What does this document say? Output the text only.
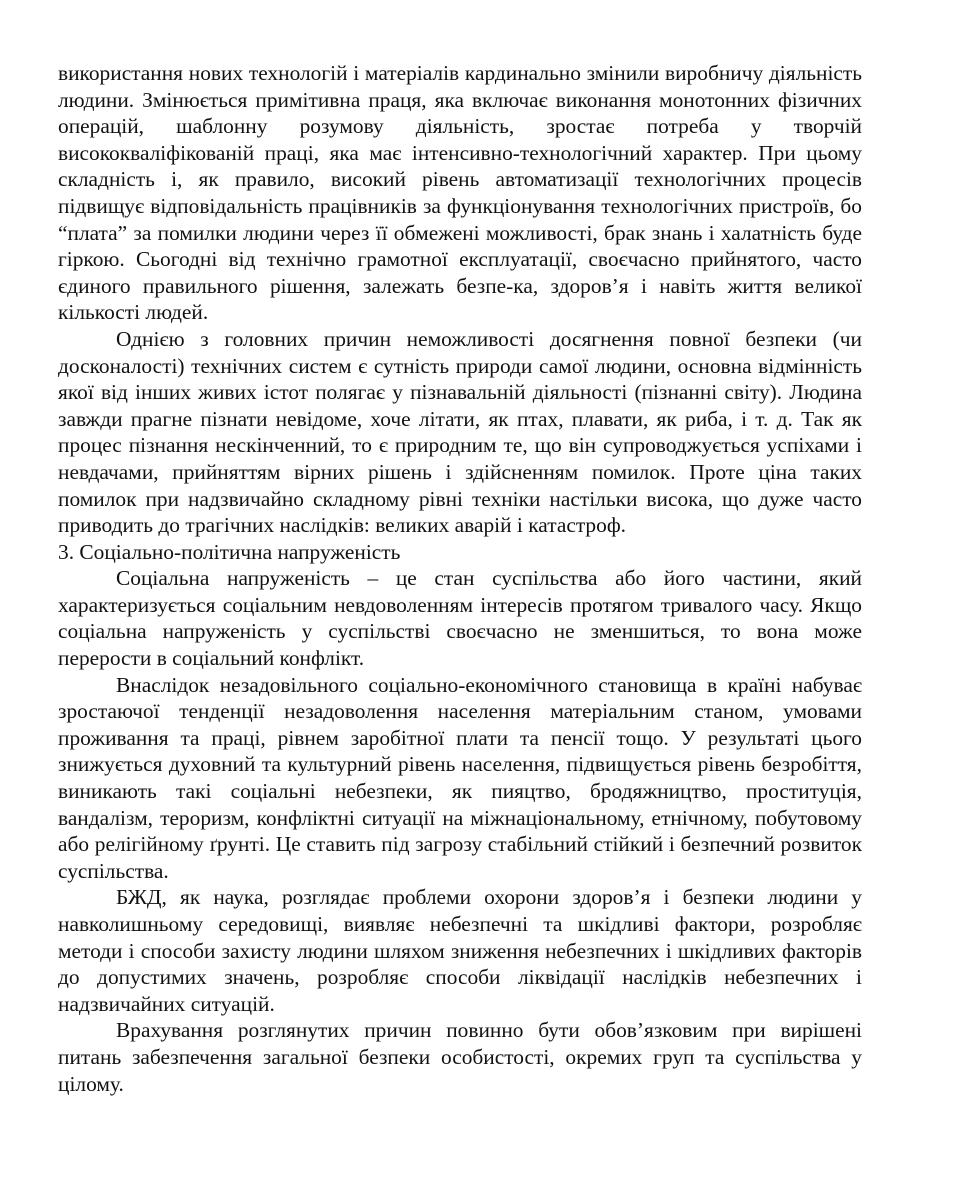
використання нових технологій і матеріалів кардинально змінили виробничу діяльність людини. Змінюється примітивна праця, яка включає виконання монотонних фізичних операцій, шаблонну розумову діяльність, зростає потреба у творчій висококваліфікованій праці, яка має інтенсивно-технологічний характер. При цьому складність і, як правило, високий рівень автоматизації технологічних процесів підвищує відповідальність працівників за функціонування технологічних пристроїв, бо “плата” за помилки людини через її обмежені можливості, брак знань і халатність буде гіркою. Сьогодні від технічно грамотної експлуатації, своєчасно прийнятого, часто єдиного правильного рішення, залежать безпе-ка, здоров’я і навіть життя великої кількості людей.

Однією з головних причин неможливості досягнення повної безпеки (чи досконалості) технічних систем є сутність природи самої людини, основна відмінність якої від інших живих істот полягає у пізнавальній діяльності (пізнанні світу). Людина завжди прагне пізнати невідоме, хоче літати, як птах, плавати, як риба, і т. д. Так як процес пізнання нескінченний, то є природним те, що він супроводжується успіхами і невдачами, прийняттям вірних рішень і здійсненням помилок. Проте ціна таких помилок при надзвичайно складному рівні техніки настільки висока, що дуже часто приводить до трагічних наслідків: великих аварій і катастроф.

3. Соціально-політична напруженість

Соціальна напруженість – це стан суспільства або його частини, який характеризується соціальним невдоволенням інтересів протягом тривалого часу. Якщо соціальна напруженість у суспільстві своєчасно не зменшиться, то вона може перерости в соціальний конфлікт.

Внаслідок незадовільного соціально-економічного становища в країні набуває зростаючої тенденції незадоволення населення матеріальним станом, умовами проживання та праці, рівнем заробітної плати та пенсії тощо. У результаті цього знижується духовний та культурний рівень населення, підвищується рівень безробіття, виникають такі соціальні небезпеки, як пияцтво, бродяжництво, проституція, вандалізм, тероризм, конфліктні ситуації на міжнаціональному, етнічному, побутовому або релігійному ґрунті. Це ставить під загрозу стабільний стійкий і безпечний розвиток суспільства.

БЖД, як наука, розглядає проблеми охорони здоров’я і безпеки людини у навколишньому середовищі, виявляє небезпечні та шкідливі фактори, розробляє методи і способи захисту людини шляхом зниження небезпечних і шкідливих факторів до допустимих значень, розробляє способи ліквідації наслідків небезпечних і надзвичайних ситуацій.

Врахування розглянутих причин повинно бути обов’язковим при вирішені питань забезпечення загальної безпеки особистості, окремих груп та суспільства у цілому.
